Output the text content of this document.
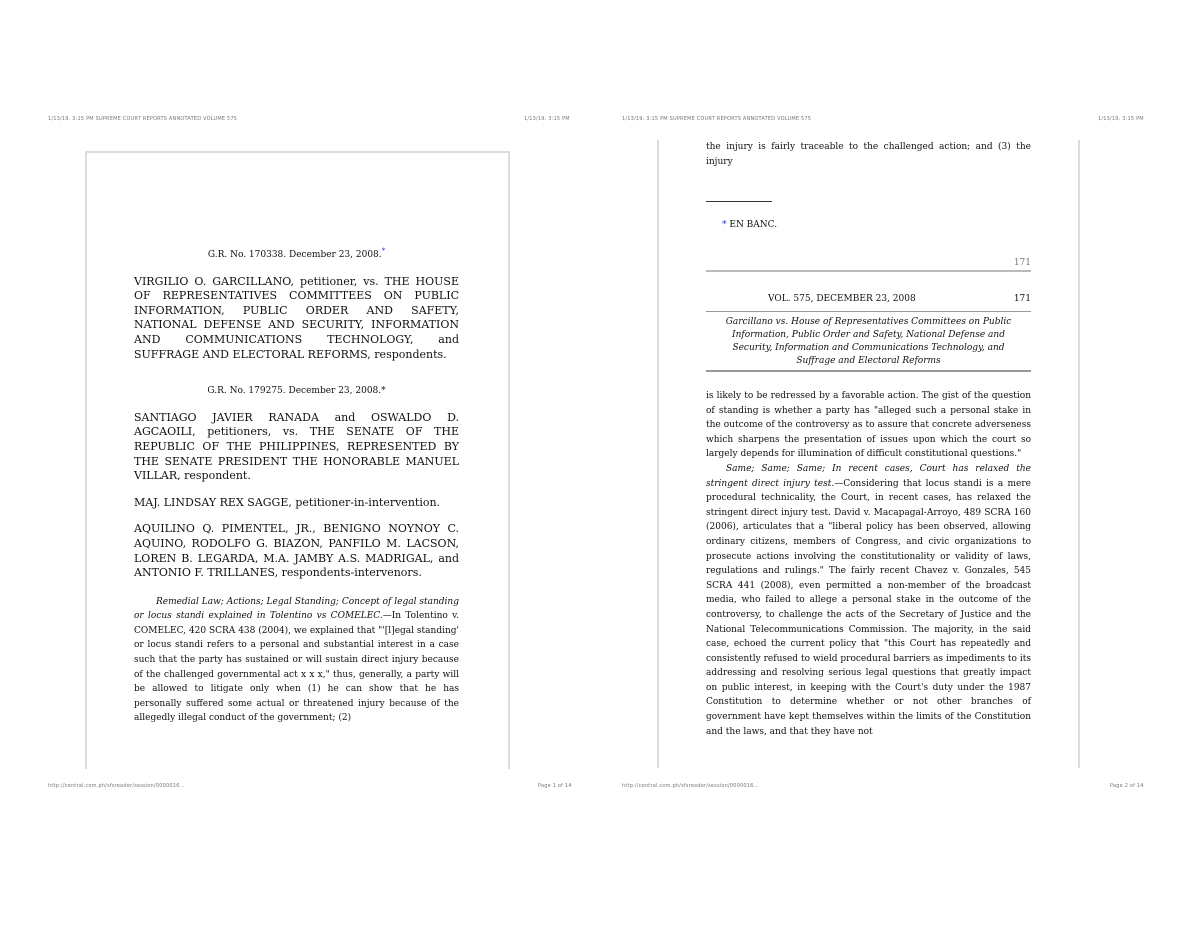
1/13/19, 3:15 PM SUPREME COURT REPORTS ANNOTATED VOLUME 575	1/13/19, 3:15 PM	1/13/19, 3:15 PM SUPREME COURT REPORTS ANNOTATED VOLUME 575	1/13/19, 3:15 PM

G.R. No. 170338. December 23, 2008.*

VIRGILIO O. GARCILLANO, petitioner, vs. THE HOUSE OF REPRESENTATIVES COMMITTEES ON PUBLIC INFORMATION, PUBLIC ORDER AND SAFETY, NATIONAL DEFENSE AND SECURITY, INFORMATION AND COMMUNICATIONS TECHNOLOGY, and SUFFRAGE AND ELECTORAL REFORMS, respondents.

G.R. No. 179275. December 23, 2008.*

SANTIAGO JAVIER RANADA and OSWALDO D. AGCAOILI, petitioners, vs. THE SENATE OF THE REPUBLIC OF THE PHILIPPINES, REPRESENTED BY THE SENATE PRESIDENT THE HONORABLE MANUEL VILLAR, respondent.

MAJ. LINDSAY REX SAGGE, petitioner-in-intervention.

AQUILINO Q. PIMENTEL, JR., BENIGNO NOYNOY C. AQUINO, RODOLFO G. BIAZON, PANFILO M. LACSON, LOREN B. LEGARDA, M.A. JAMBY A.S. MADRIGAL, and ANTONIO F. TRILLANES, respondents-intervenors.

Remedial Law; Actions; Legal Standing; Concept of legal standing or locus standi explained in Tolentino vs COMELEC.—In Tolentino v. COMELEC, 420 SCRA 438 (2004), we explained that "'[l]egal standing' or locus standi refers to a personal and substantial interest in a case such that the party has sustained or will sustain direct injury because of the challenged governmental act x x x," thus, generally, a party will be allowed to litigate only when (1) he can show that he has personally suffered some actual or threatened injury because of the allegedly illegal conduct of the government; (2)

the injury is fairly traceable to the challenged action; and (3) the injury

* EN BANC.
171
VOL. 575, DECEMBER 23, 2008	171
Garcillano vs. House of Representatives Committees on Public Information, Public Order and Safety, National Defense and Security, Information and Communications Technology, and Suffrage and Electoral Reforms

is likely to be redressed by a favorable action. The gist of the question of standing is whether a party has "alleged such a personal stake in the outcome of the controversy as to assure that concrete adverseness which sharpens the presentation of issues upon which the court so largely depends for illumination of difficult constitutional questions."

Same; Same; Same; In recent cases, Court has relaxed the stringent direct injury test.—Considering that locus standi is a mere procedural technicality, the Court, in recent cases, has relaxed the stringent direct injury test. David v. Macapagal-Arroyo, 489 SCRA 160 (2006), articulates that a "liberal policy has been observed, allowing ordinary citizens, members of Congress, and civic organizations to prosecute actions involving the constitutionality or validity of laws, regulations and rulings." The fairly recent Chavez v. Gonzales, 545 SCRA 441 (2008), even permitted a non-member of the broadcast media, who failed to allege a personal stake in the outcome of the controversy, to challenge the acts of the Secretary of Justice and the National Telecommunications Commission. The majority, in the said case, echoed the current policy that "this Court has repeatedly and consistently refused to wield procedural barriers as impediments to its addressing and resolving serious legal questions that greatly impact on public interest, in keeping with the Court's duty under the 1987 Constitution to determine whether or not other branches of government have kept themselves within the limits of the Constitution and the laws, and that they have not

http://central.com.ph/sfsreader/session/0000016...	Page 1 of 14	http://central.com.ph/sfsreader/session/0000016...	Page 2 of 14
